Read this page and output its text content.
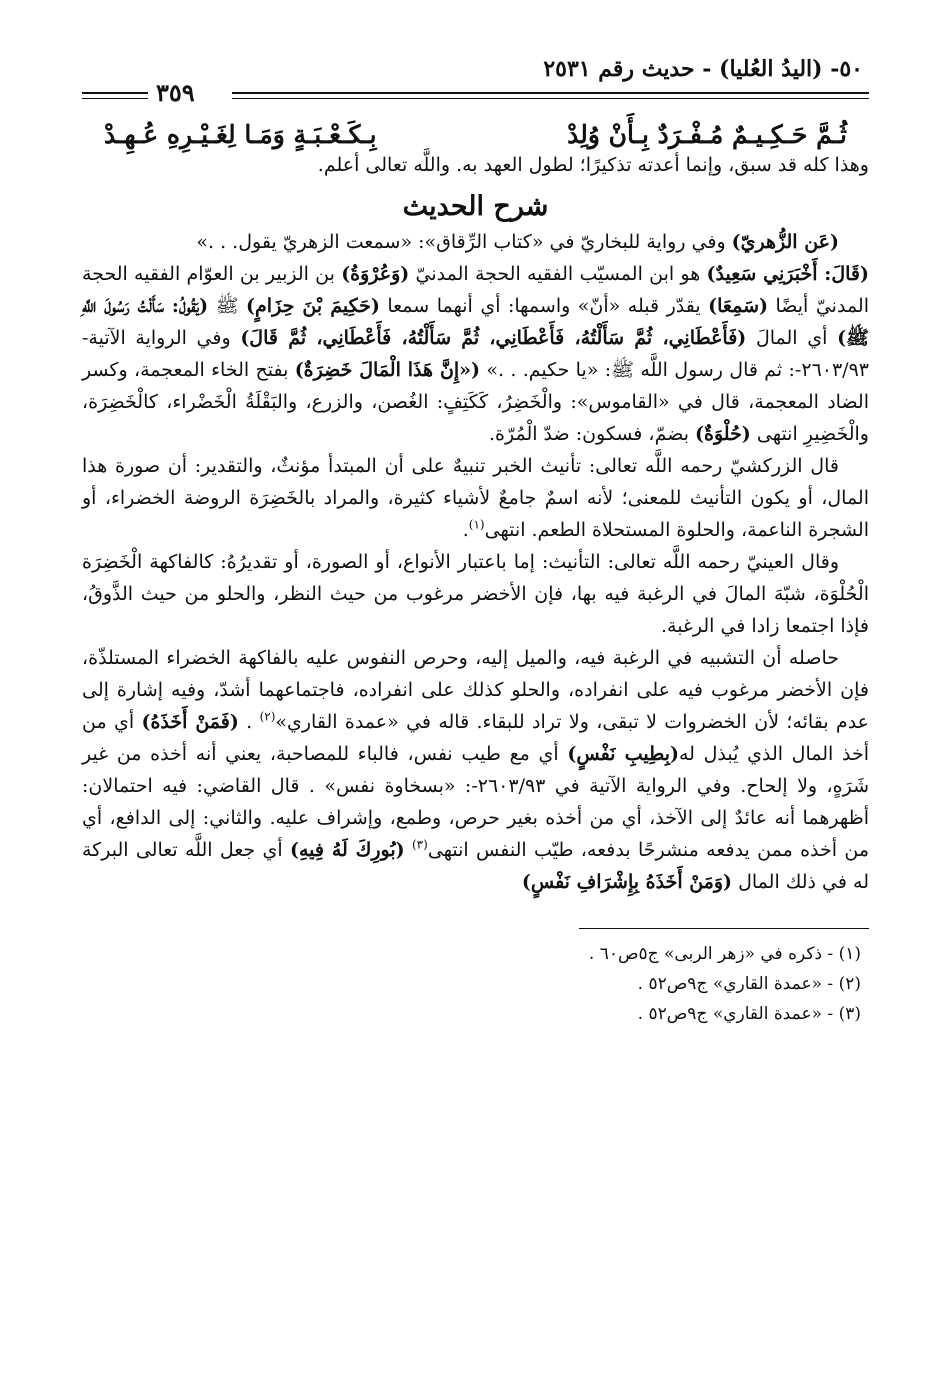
٥٠- (اليدُ العُليا) - حديث رقم ٢٥٣١
٣٥٩
ثُـمَّ حَـكِـيـمٌ مُـفْـرَدٌ بِـأَنْ وُلِدْ
بِـكَـعْـبَـةٍ وَمَـا لِغَـيْـرِهِ عُـهِـدْ

وهذا كله قد سبق، وإنما أعدته تذكيرًا؛ لطول العهد به. واللَّه تعالى أعلم.

شرح الحديث

(عَن الزُّهريّ) وفي رواية للبخاريّ في «كتاب الرِّقاق»: «سمعت الزهريّ يقول. . .»

(قَالَ: أَخْبَرَنِي سَعِيدٌ) هو ابن المسيّب الفقيه الحجة المدنيّ (وَعُرْوَةُ) بن الزبير بن العوّام الفقيه الحجة المدنيّ أيضًا (سَمِعَا) يقدّر قبله «أنّ» واسمها: أي أنهما سمعا (حَكِيمَ بْنَ حِزَامٍ) ﷺ (يَقُولُ: سَأَلْتُ رَسُولَ اللَّهِ ﷺ) أي المالَ (فَأَعْطَانِي، ثُمَّ سَأَلْتُهُ، فَأَعْطَانِي، ثُمَّ سَأَلْتُهُ، فَأَعْطَانِي، ثُمَّ قَالَ) وفي الرواية الآتية- ٢٦٠٣/٩٣-: ثم قال رسول اللَّه ﷺ: «يا حكيم. . .» («إِنَّ هَذَا الْمَالَ خَضِرَةٌ) بفتح الخاء المعجمة، وكسر الضاد المعجمة، قال في «القاموس»: والْخَضِرُ، كَكَتِفٍ: الغُصن، والزرع، والبَقْلَةُ الْخَضْراء، كالْخَضِرَة، والْخَضِيرِ انتهى (حُلْوَةٌ) بضمّ، فسكون: ضدّ الْمُرّة.

قال الزركشيّ رحمه اللَّه تعالى: تأنيث الخبر تنبيهٌ على أن المبتدأ مؤنثٌ، والتقدير: أن صورة هذا المال، أو يكون التأنيث للمعنى؛ لأنه اسمٌ جامعٌ لأشياء كثيرة، والمراد بالخَضِرَة الروضة الخضراء، أو الشجرة الناعمة، والحلوة المستحلاة الطعم. انتهى$^{(١)}$.

وقال العينيّ رحمه اللَّه تعالى: التأنيث: إما باعتبار الأنواع، أو الصورة، أو تقديرُهُ: كالفاكهة الْخَضِرَة الْحُلْوَة، شبّهَ المالَ في الرغبة فيه بها، فإن الأخضر مرغوب من حيث النظر، والحلو من حيث الذَّوقُ، فإذا اجتمعا زادا في الرغبة.

حاصله أن التشبيه في الرغبة فيه، والميل إليه، وحرص النفوس عليه بالفاكهة الخضراء المستلذّة، فإن الأخضر مرغوب فيه على انفراده، والحلو كذلك على انفراده، فاجتماعهما أشدّ، وفيه إشارة إلى عدم بقائه؛ لأن الخضروات لا تبقى، ولا تراد للبقاء. قاله في «عمدة القاري»$^{(٢)}$ . (فَمَنْ أَخَذَهُ) أي من أخذ المال الذي يُبذل له(بِطِيبِ نَفْسٍ) أي مع طيب نفس، فالباء للمصاحبة، يعني أنه أخذه من غير شَرَهٍ، ولا إلحاح. وفي الرواية الآتية في ٢٦٠٣/٩٣-: «بسخاوة نفس» . قال القاضي: فيه احتمالان: أظهرهما أنه عائدٌ إلى الآخذ، أي من أخذه بغير حرص، وطمع، وإشراف عليه. والثاني: إلى الدافع، أي من أخذه ممن يدفعه منشرحًا بدفعه، طيّب النفس انتهى$^{(٣)}$ (بُورِكَ لَهُ فِيهِ) أي جعل اللَّه تعالى البركة له في ذلك المال (وَمَنْ أَخَذَهُ بِإِشْرَافِ نَفْسٍ)

(١) - ذكره في «زهر الربى» ج٥ص٦٠ .
(٢) - «عمدة القاري» ج٩ص٥٢ .
(٣) - «عمدة القاري» ج٩ص٥٢ .
